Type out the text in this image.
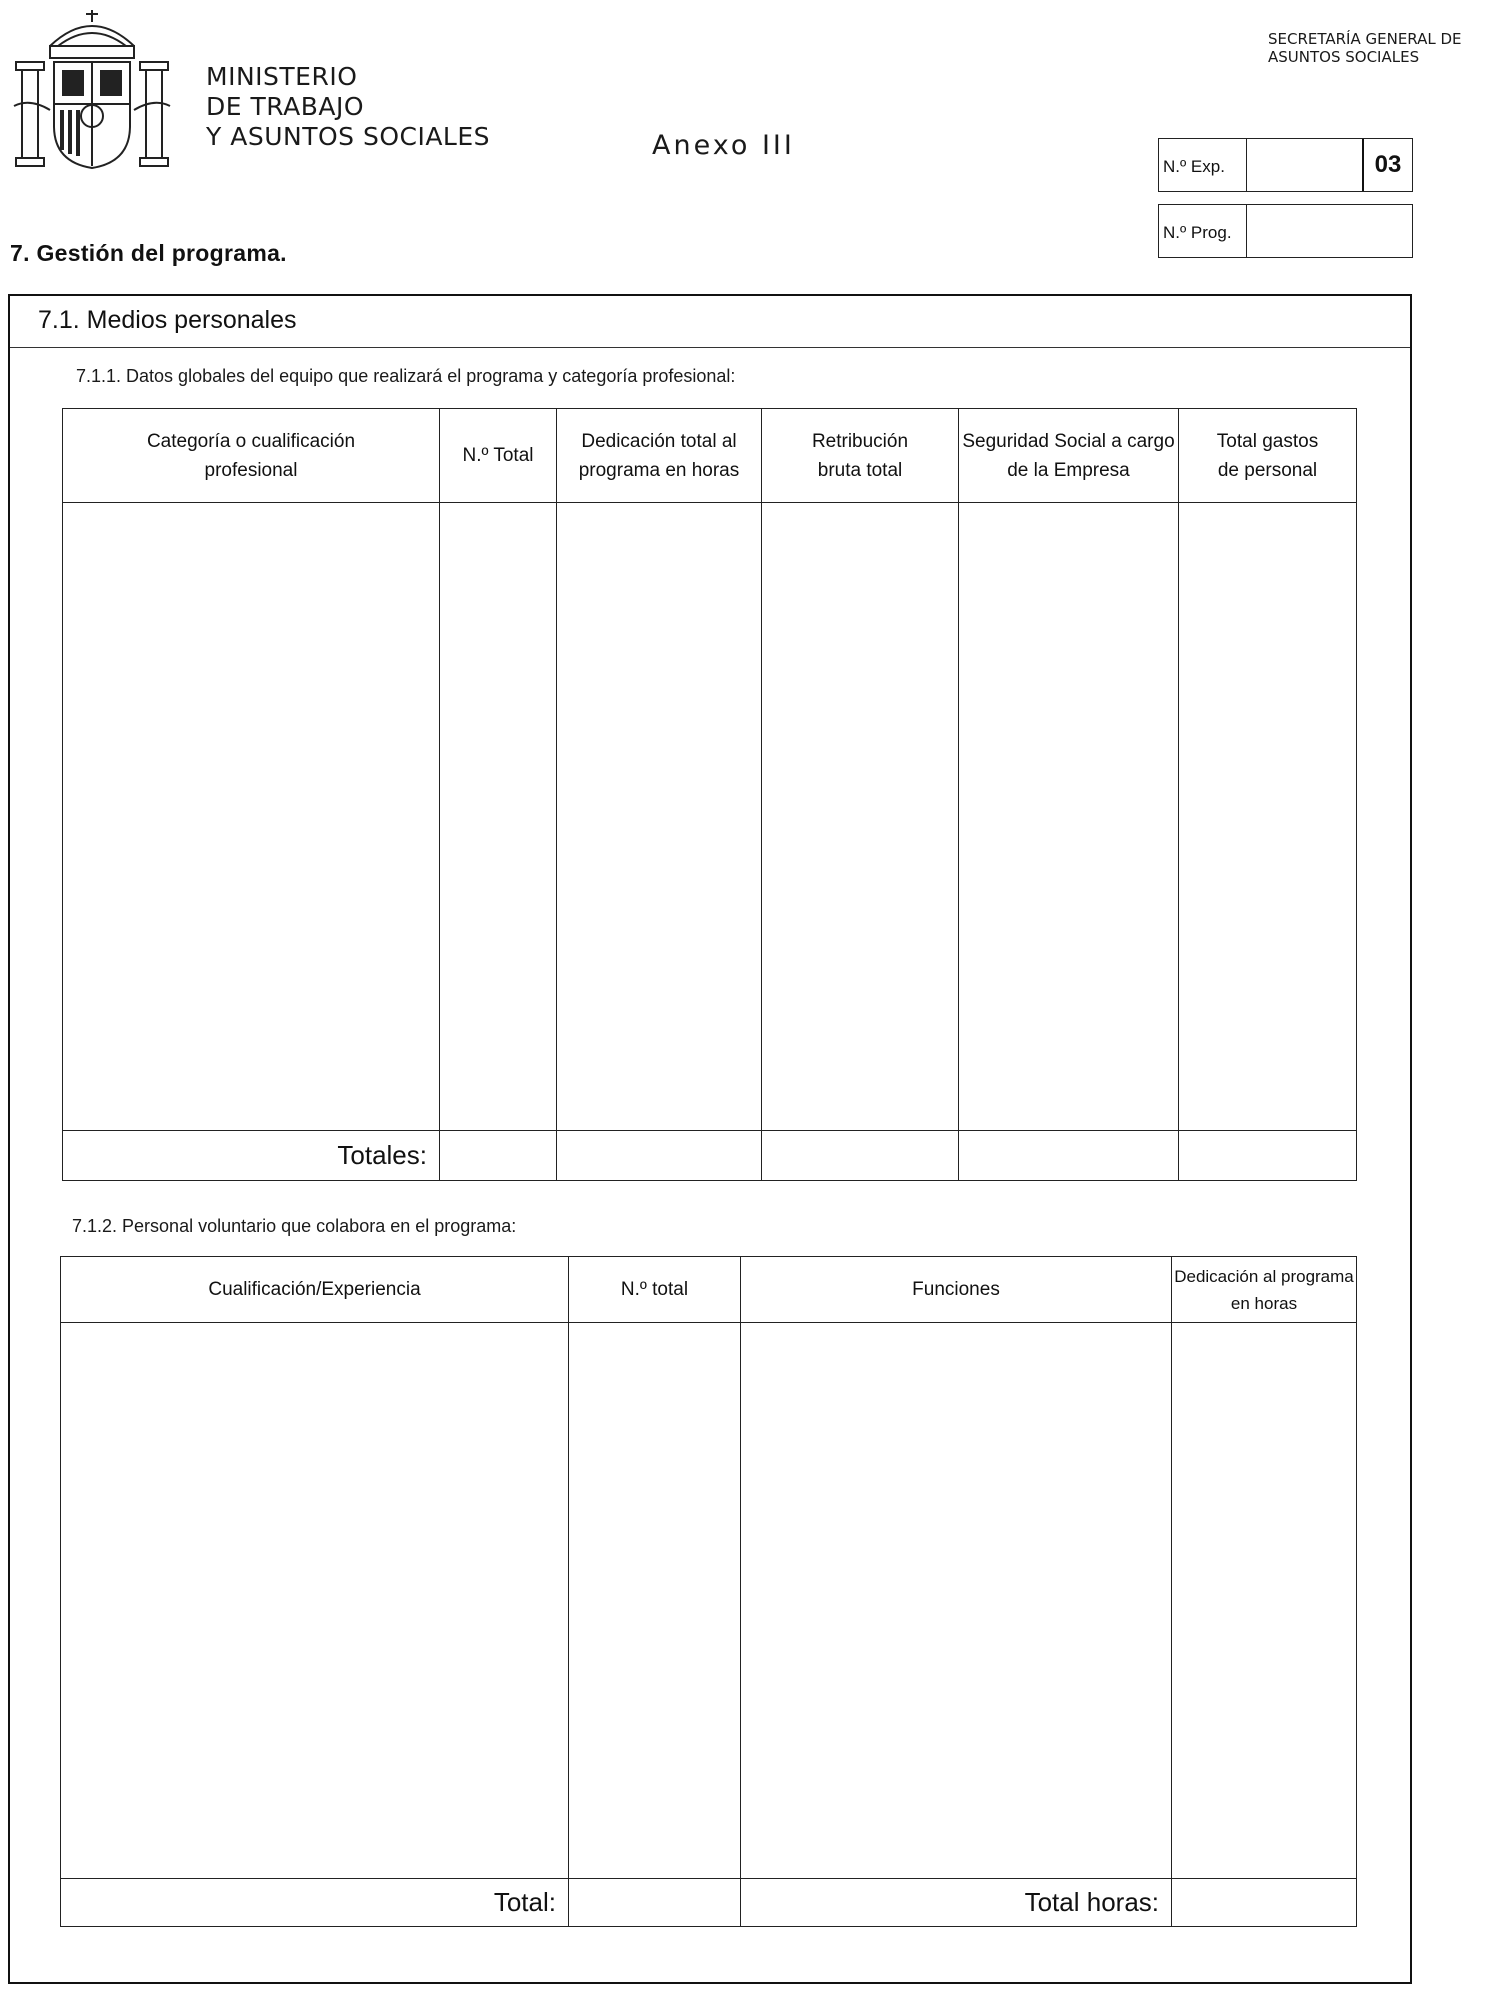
MINISTERIO
DE TRABAJO
Y ASUNTOS SOCIALES	Anexo III
SECRETARÍA GENERAL DE
ASUNTOS SOCIALES
N.º Exp.	03
N.º Prog.
7. Gestión del programa.
7.1. Medios personales
7.1.1. Datos globales del equipo que realizará el programa y categoría profesional:
Categoría o cualificación profesional	N.º Total	Dedicación total al programa en horas	Retribución bruta total	Seguridad Social a cargo de la Empresa	Total gastos de personal

Totales:					
7.1.2. Personal voluntario que colabora en el programa:
Cualificación/Experiencia	N.º total	Funciones	Dedicación al programa en horas

Total:		Total horas:	
